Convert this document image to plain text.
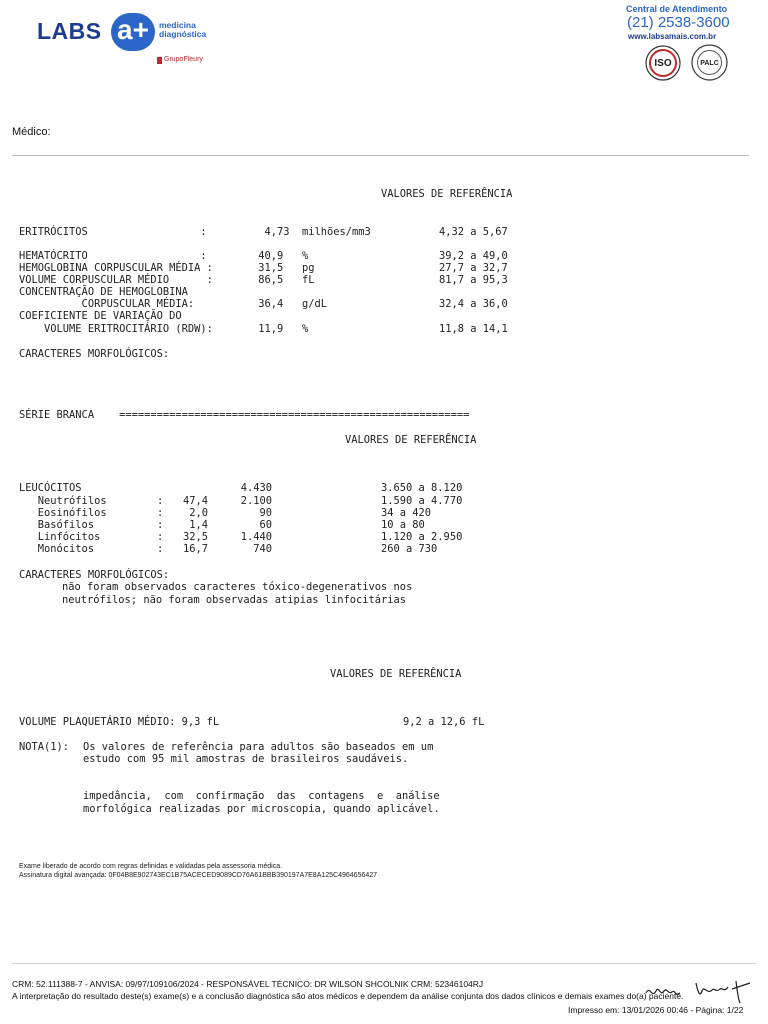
LABS a+	medicina
diagnóstica
GrupoFleury
Central de Atendimento
(21) 2538-3600
www.labsamais.com.br
ISO	PALC
Médico:
VALORES DE REFERÊNCIA
ERITRÓCITOS                  :	4,73 milhões/mm3	4,32 a 5,67
HEMATÓCRITO                  :	40,9 %	39,2 a 49,0
HEMOGLOBINA CORPUSCULAR MÉDIA :	31,5 pg	27,7 a 32,7
VOLUME CORPUSCULAR MÉDIO      :	86,5 fL	81,7 a 95,3
CONCENTRAÇÃO DE HEMOGLOBINA
CORPUSCULAR MÉDIA:	36,4 g/dL	32,4 a 36,0
COEFICIENTE DE VARIAÇÃO DO
VOLUME ERITROCITÁRIO (RDW):	11,9 %	11,8 a 14,1
CARACTERES MORFOLÓGICOS:
SÉRIE BRANCA    ========================================================
VALORES DE REFERÊNCIA
LEUCÓCITOS	4.430	3.650 a 8.120
Neutrófilos	:	47,4	2.100	1.590 a 4.770
Eosinófilos	:	2,0	90	34 a 420
Basófilos	:	1,4	60	10 a 80
Linfócitos	:	32,5	1.440	1.120 a 2.950
Monócitos	:	16,7	740	260 a 730
CARACTERES MORFOLÓGICOS:
não foram observados caracteres tóxico-degenerativos nos
neutrófilos; não foram observadas atipias linfocitárias
VALORES DE REFERÊNCIA
VOLUME PLAQUETÁRIO MÉDIO: 9,3 fL	9,2 a 12,6 fL
NOTA(1): Os valores de referência para adultos são baseados em um
estudo com 95 mil amostras de brasileiros saudáveis.
impedância,  com  confirmação  das  contagens  e  análise
morfológica realizadas por microscopia, quando aplicável.
Exame liberado de acordo com regras definidas e validadas pela assessoria médica.
Assinatura digital avançada: 0F04B8E902743EC1B75ACECED9089CD76A61BBB390197A7E8A125C4964656427
CRM: 52.111388-7 - ANVISA: 09/97/109106/2024 - RESPONSÁVEL TÉCNICO: DR WILSON SHCOLNIK CRM: 52346104RJ
A interpretação do resultado deste(s) exame(s) e a conclusão diagnóstica são atos médicos e dependem da análise conjunta dos dados clínicos e demais exames do(a) paciente.
Impresso em: 13/01/2026 00:46 - Página: 1/22
